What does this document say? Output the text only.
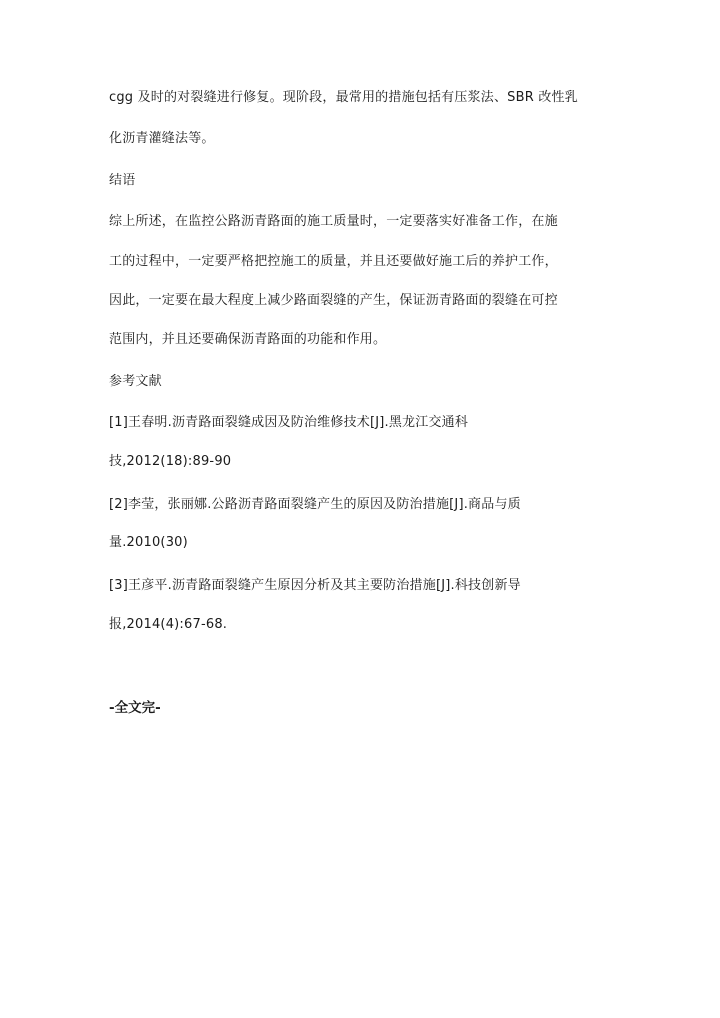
cgg 及时的对裂缝进行修复。现阶段，最常用的措施包括有压浆法、SBR 改性乳
化沥青灌缝法等。
结语
综上所述，在监控公路沥青路面的施工质量时，一定要落实好准备工作，在施
工的过程中，一定要严格把控施工的质量，并且还要做好施工后的养护工作，
因此，一定要在最大程度上减少路面裂缝的产生，保证沥青路面的裂缝在可控
范围内，并且还要确保沥青路面的功能和作用。
参考文献
[1]王春明.沥青路面裂缝成因及防治维修技术[J].黑龙江交通科
技,2012(18):89-90
[2]李莹，张丽娜.公路沥青路面裂缝产生的原因及防治措施[J].商品与质
量.2010(30)
[3]王彦平.沥青路面裂缝产生原因分析及其主要防治措施[J].科技创新导
报,2014(4):67-68.
-全文完-
